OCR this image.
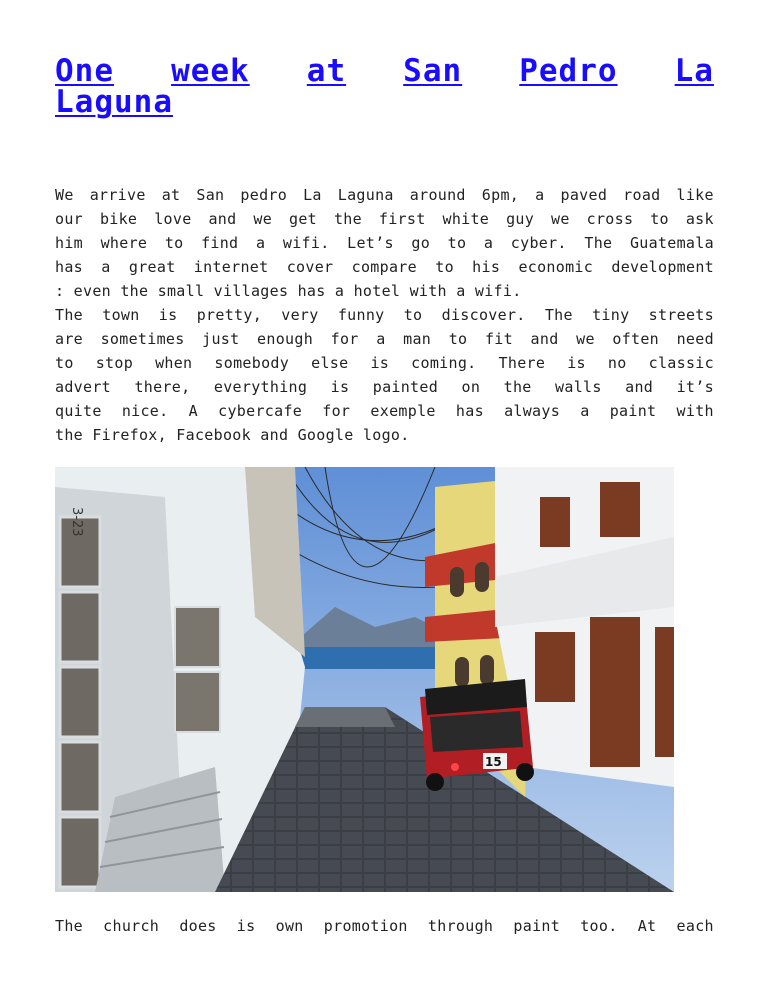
One week at San Pedro La
Laguna

We arrive at San pedro La Laguna around 6pm, a paved road like
our bike love and we get the first white guy we cross to ask
him where to find a wifi. Let’s go to a cyber. The Guatemala
has a great internet cover compare to his economic development
: even the small villages has a hotel with a wifi.

The town is pretty, very funny to discover. The tiny streets
are sometimes just enough for a man to fit and we often need
to stop when somebody else is coming. There is no classic
advert there, everything is painted on the walls and it’s
quite nice. A cybercafe for exemple has always a paint with
the Firefox, Facebook and Google logo.

3-23
15

The church does is own promotion through paint too. At each
